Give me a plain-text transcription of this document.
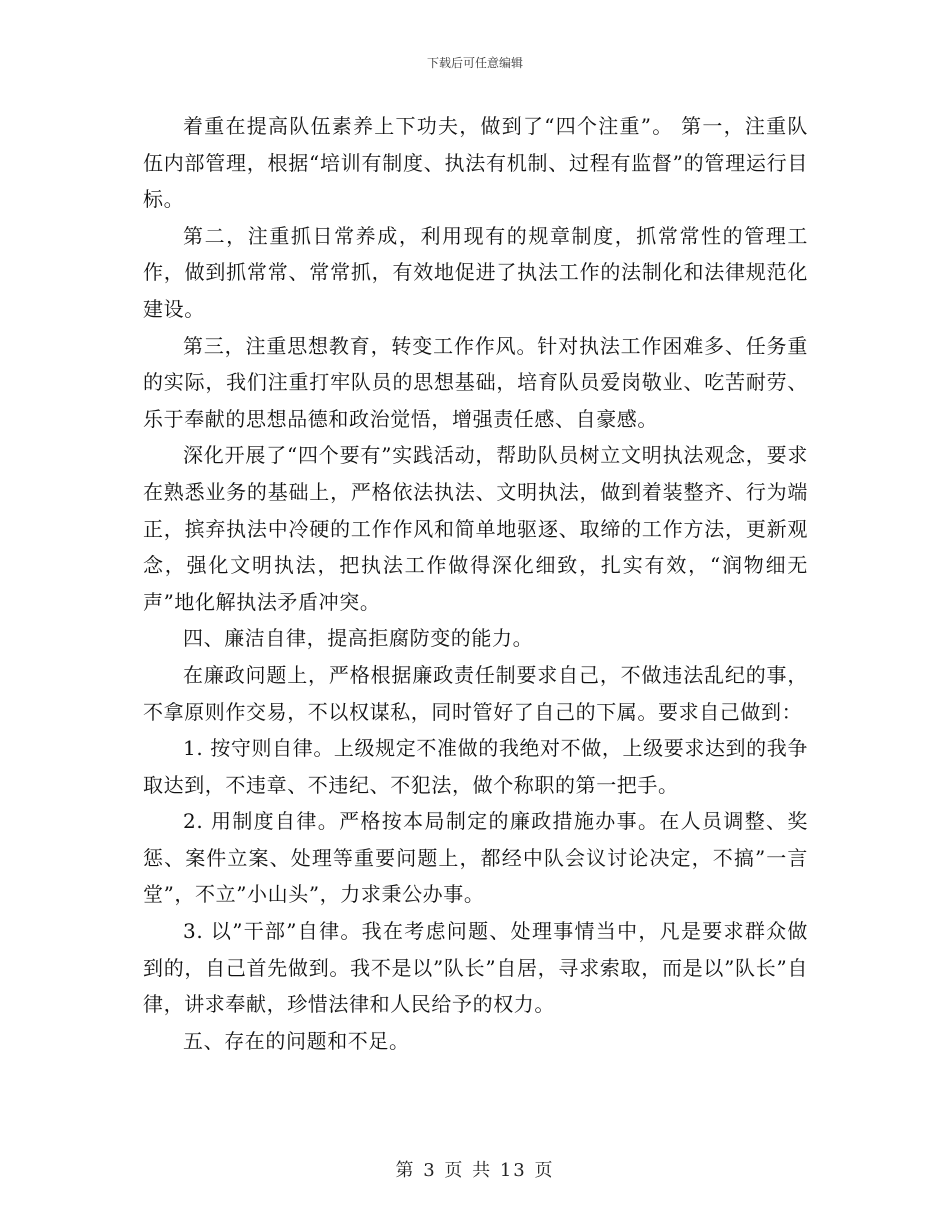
下载后可任意编辑

着重在提高队伍素养上下功夫，做到了“四个注重”。 第一，注重队伍内部管理，根据“培训有制度、执法有机制、过程有监督”的管理运行目标。

第二，注重抓日常养成，利用现有的规章制度，抓常常性的管理工作，做到抓常常、常常抓，有效地促进了执法工作的法制化和法律规范化建设。

第三，注重思想教育，转变工作作风。针对执法工作困难多、任务重的实际，我们注重打牢队员的思想基础，培育队员爱岗敬业、吃苦耐劳、乐于奉献的思想品德和政治觉悟，增强责任感、自豪感。

深化开展了“四个要有”实践活动，帮助队员树立文明执法观念，要求在熟悉业务的基础上，严格依法执法、文明执法，做到着装整齐、行为端正，摈弃执法中冷硬的工作作风和简单地驱逐、取缔的工作方法，更新观念，强化文明执法，把执法工作做得深化细致，扎实有效，“润物细无声”地化解执法矛盾冲突。

四、廉洁自律，提高拒腐防变的能力。

在廉政问题上，严格根据廉政责任制要求自己，不做违法乱纪的事，不拿原则作交易，不以权谋私，同时管好了自己的下属。要求自己做到：

1. 按守则自律。上级规定不准做的我绝对不做，上级要求达到的我争取达到，不违章、不违纪、不犯法，做个称职的第一把手。

2. 用制度自律。严格按本局制定的廉政措施办事。在人员调整、奖惩、案件立案、处理等重要问题上，都经中队会议讨论决定，不搞”一言堂”，不立”小山头”，力求秉公办事。

3. 以”干部”自律。我在考虑问题、处理事情当中，凡是要求群众做到的，自己首先做到。我不是以”队长”自居，寻求索取，而是以”队长”自律，讲求奉献，珍惜法律和人民给予的权力。

五、存在的问题和不足。

第 3 页 共 13 页
